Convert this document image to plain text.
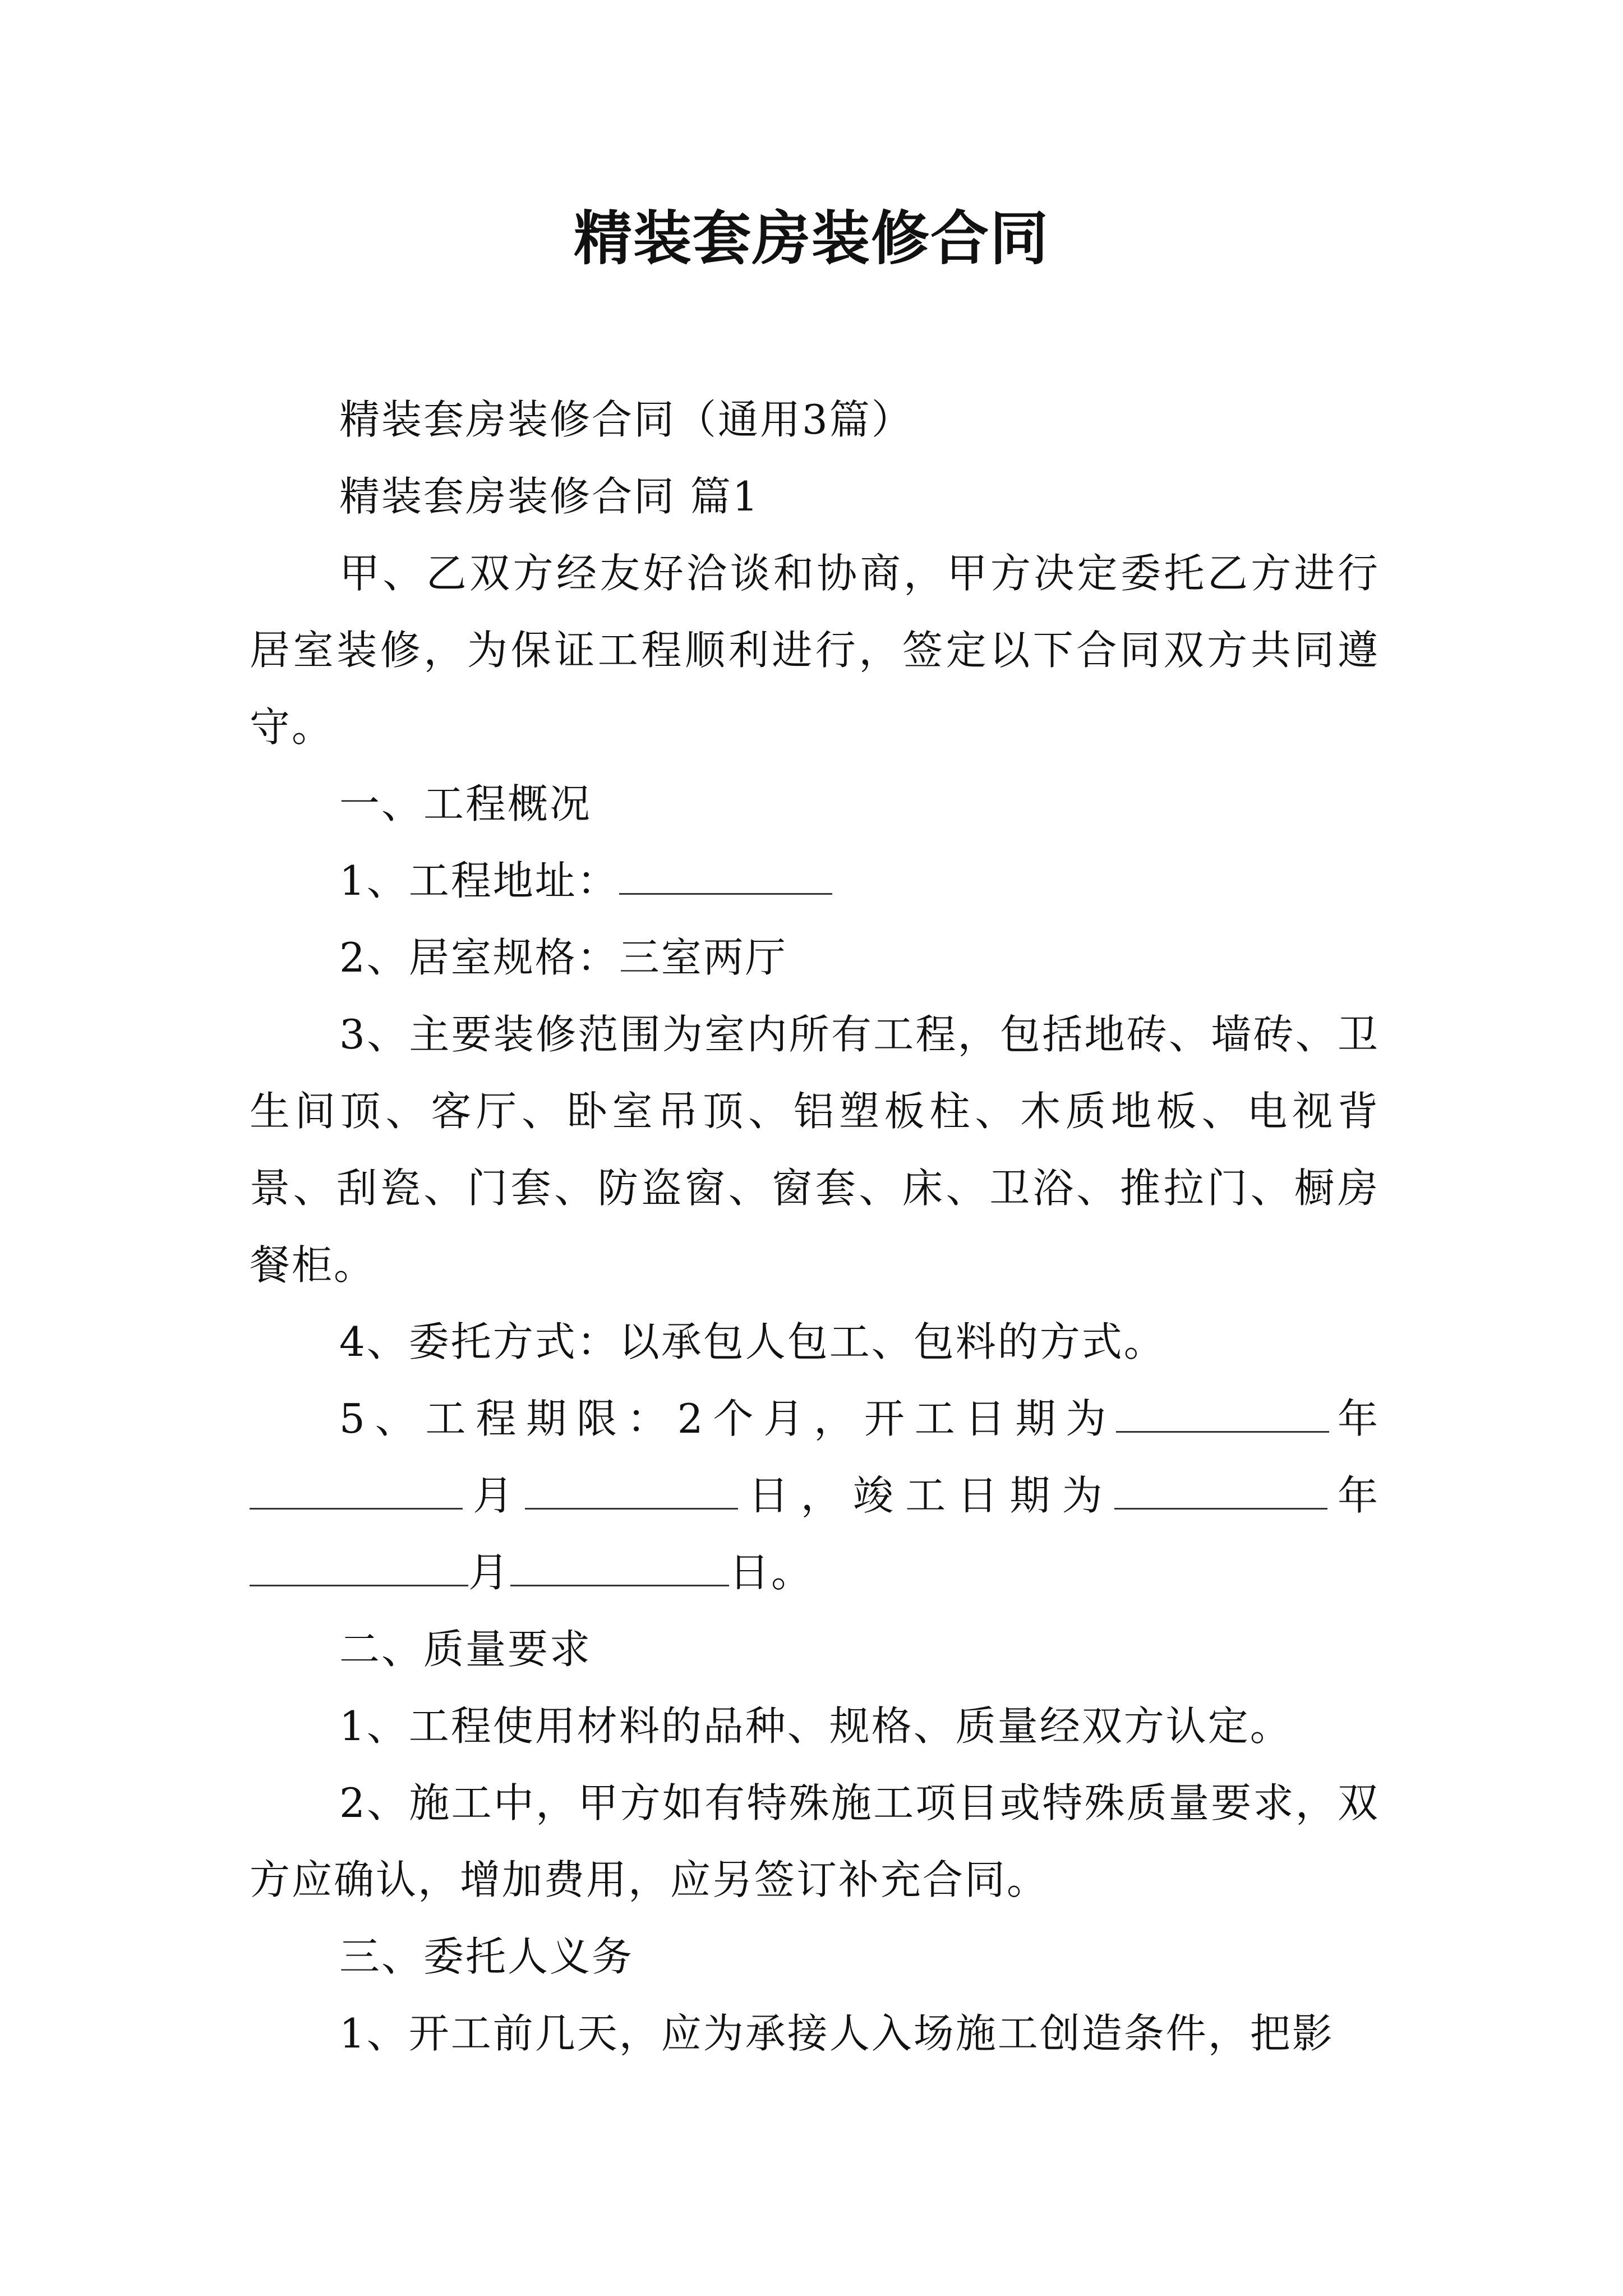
精装套房装修合同

精装套房装修合同（通用3篇）

精装套房装修合同 篇1

甲、乙双方经友好洽谈和协商，甲方决定委托乙方进行居室装修，为保证工程顺利进行，签定以下合同双方共同遵守。

一、工程概况

1、工程地址：

2、居室规格：三室两厅

3、主要装修范围为室内所有工程，包括地砖、墙砖、卫生间顶、客厅、卧室吊顶、铝塑板柱、木质地板、电视背景、刮瓷、门套、防盗窗、窗套、床、卫浴、推拉门、橱房餐柜。

4、委托方式：以承包人包工、包料的方式。

5、工程期限：2个月，开工日期为	年月	日，竣工日期为	年月	日。

二、质量要求

1、工程使用材料的品种、规格、质量经双方认定。

2、施工中，甲方如有特殊施工项目或特殊质量要求，双方应确认，增加费用，应另签订补充合同。

三、委托人义务

1、开工前几天，应为承接人入场施工创造条件，把影
